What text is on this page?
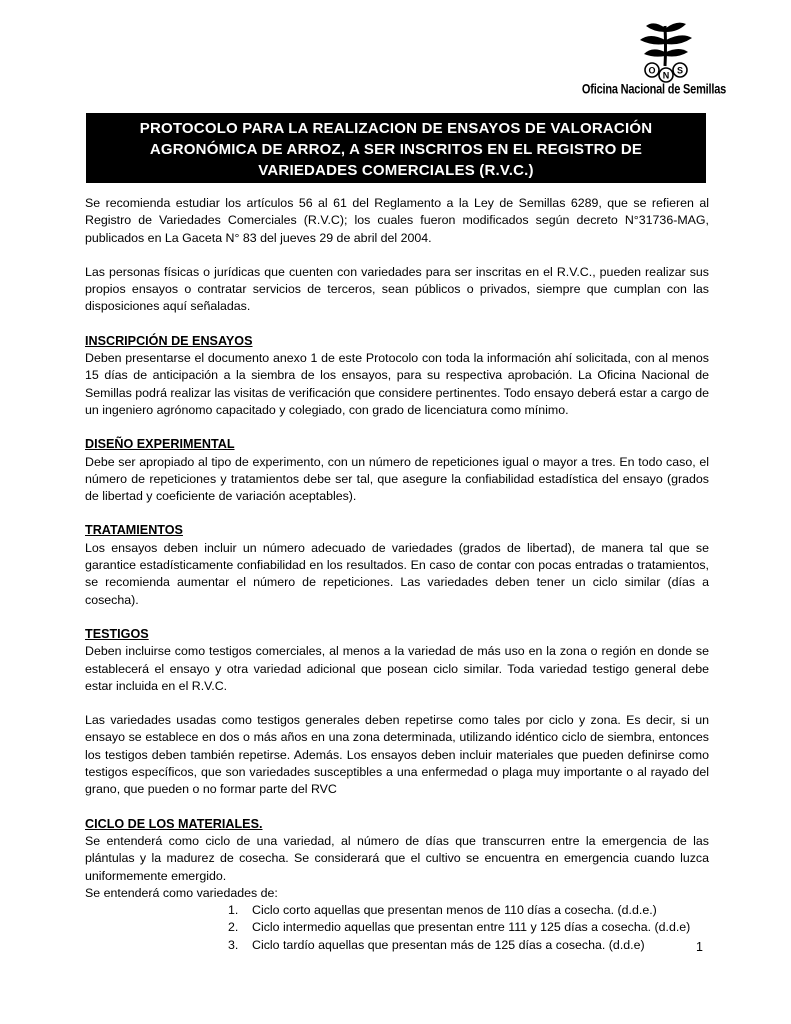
O N S
Oficina Nacional de Semillas
PROTOCOLO PARA LA REALIZACION DE ENSAYOS DE VALORACIÓN
AGRONÓMICA DE ARROZ, A SER INSCRITOS EN EL REGISTRO DE
VARIEDADES COMERCIALES (R.V.C.)

Se recomienda estudiar los artículos 56 al 61 del Reglamento a la Ley de Semillas 6289, que se refieren al Registro de Variedades Comerciales (R.V.C); los cuales fueron modificados según decreto N°31736-MAG, publicados en La Gaceta N° 83 del jueves 29 de abril del 2004.

Las personas físicas o jurídicas que cuenten con variedades para ser inscritas en el R.V.C., pueden realizar sus propios ensayos o contratar servicios de terceros, sean públicos o privados, siempre que cumplan con las disposiciones aquí señaladas.

INSCRIPCIÓN DE ENSAYOS

Deben presentarse el documento anexo 1 de este Protocolo con toda la información ahí solicitada, con al menos 15 días de anticipación a la siembra de los ensayos, para su respectiva aprobación. La Oficina Nacional de Semillas podrá realizar las visitas de verificación que considere pertinentes. Todo ensayo deberá estar a cargo de un ingeniero agrónomo capacitado y colegiado, con grado de licenciatura como mínimo.

DISEÑO EXPERIMENTAL

Debe ser apropiado al tipo de experimento, con un número de repeticiones igual o mayor a tres. En todo caso, el número de repeticiones y tratamientos debe ser tal, que asegure la confiabilidad estadística del ensayo (grados de libertad y coeficiente de variación aceptables).

TRATAMIENTOS

Los ensayos deben incluir un número adecuado de variedades (grados de libertad), de manera tal que se garantice estadísticamente confiabilidad en los resultados. En caso de contar con pocas entradas o tratamientos, se recomienda aumentar el número de repeticiones. Las variedades deben tener un ciclo similar (días a cosecha).

TESTIGOS

Deben incluirse como testigos comerciales, al menos a la variedad de más uso en la zona o región en donde se establecerá el ensayo y otra variedad adicional que posean ciclo similar. Toda variedad testigo general debe estar incluida en el R.V.C.

Las variedades usadas como testigos generales deben repetirse como tales por ciclo y zona. Es decir, si un ensayo se establece en dos o más años en una zona determinada, utilizando idéntico ciclo de siembra, entonces los testigos deben también repetirse. Además. Los ensayos deben incluir materiales que pueden definirse como testigos específicos, que son variedades susceptibles a una enfermedad o plaga muy importante o al rayado del grano, que pueden o no formar parte del RVC

CICLO DE LOS MATERIALES.

Se entenderá como ciclo de una variedad, al número de días que transcurren entre la emergencia de las plántulas y la madurez de cosecha. Se considerará que el cultivo se encuentra en emergencia cuando luzca uniformemente emergido.

Se entenderá como variedades de:

1. Ciclo corto aquellas que presentan menos de 110 días a cosecha. (d.d.e.)
2. Ciclo intermedio aquellas que presentan entre 111 y 125 días a cosecha. (d.d.e)
3. Ciclo tardío aquellas que presentan más de 125 días a cosecha. (d.d.e)	1
